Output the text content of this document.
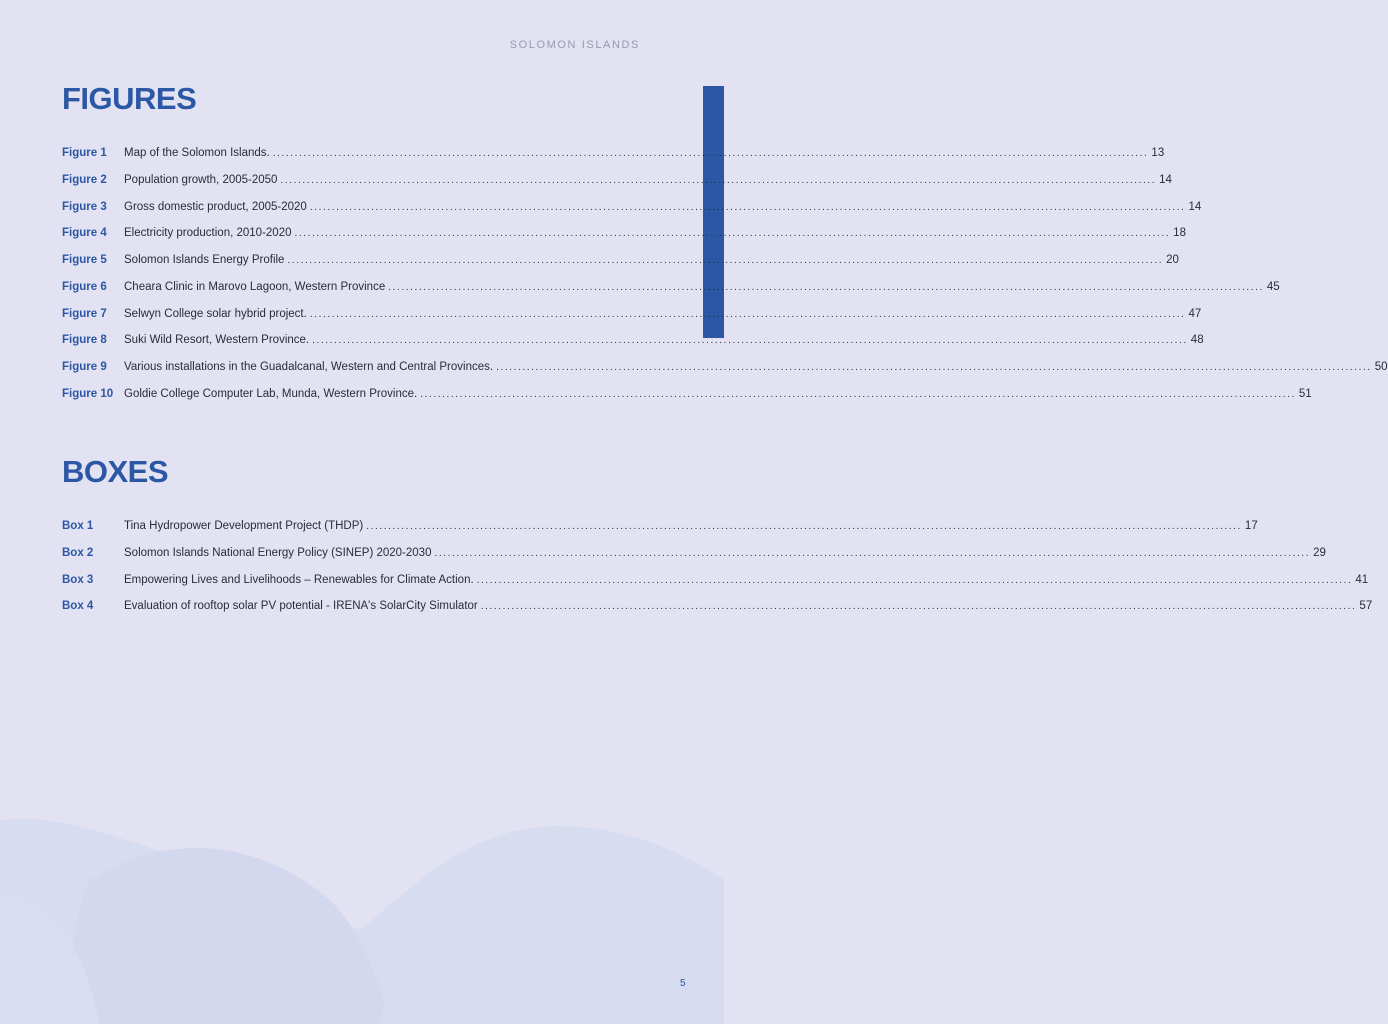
SOLOMON ISLANDS
FIGURES
Figure 1	Map of the Solomon Islands. ........................................................................................................................................................................................................ 13
Figure 2	Population growth, 2005-2050 ........................................................................................................................................................................................................ 14
Figure 3	Gross domestic product, 2005-2020 ........................................................................................................................................................................................................ 14
Figure 4	Electricity production, 2010-2020 ........................................................................................................................................................................................................ 18
Figure 5	Solomon Islands Energy Profile ........................................................................................................................................................................................................ 20
Figure 6	Cheara Clinic in Marovo Lagoon, Western Province ........................................................................................................................................................................................................ 45
Figure 7	Selwyn College solar hybrid project. ........................................................................................................................................................................................................ 47
Figure 8	Suki Wild Resort, Western Province. ........................................................................................................................................................................................................ 48
Figure 9	Various installations in the Guadalcanal, Western and Central Provinces. ........................................................................................................................................................................................................ 50
Figure 10 Goldie College Computer Lab, Munda, Western Province. ........................................................................................................................................................................................................ 51
BOXES
Box 1	Tina Hydropower Development Project (THDP) ........................................................................................................................................................................................................ 17
Box 2	Solomon Islands National Energy Policy (SINEP) 2020-2030 ........................................................................................................................................................................................................ 29
Box 3	Empowering Lives and Livelihoods – Renewables for Climate Action. ........................................................................................................................................................................................................ 41
Box 4	Evaluation of rooftop solar PV potential - IRENA's SolarCity Simulator ........................................................................................................................................................................................................ 57
5
